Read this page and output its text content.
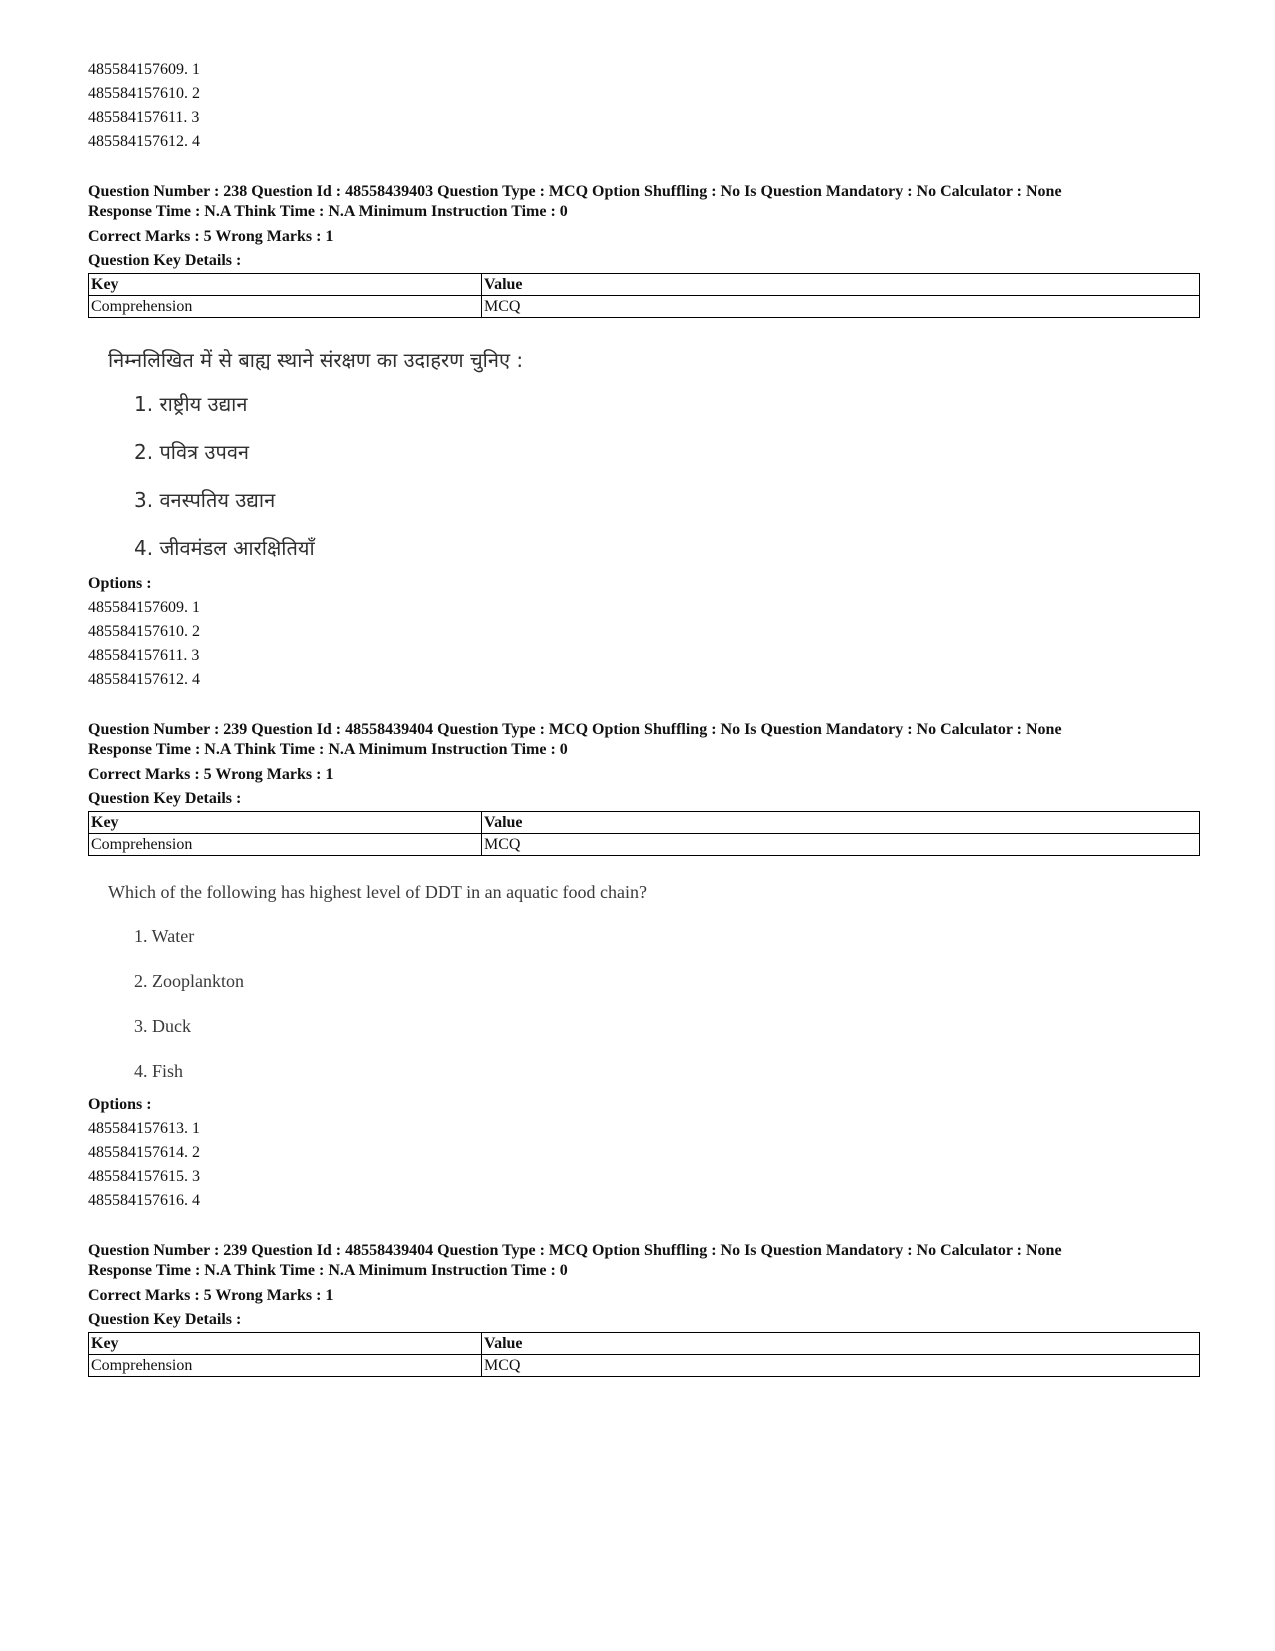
485584157609. 1
485584157610. 2
485584157611. 3
485584157612. 4
Question Number : 238 Question Id : 48558439403 Question Type : MCQ Option Shuffling : No Is Question Mandatory : No Calculator : None
Response Time : N.A Think Time : N.A Minimum Instruction Time : 0
Correct Marks : 5 Wrong Marks : 1
Question Key Details :
Key	Value
Comprehension	MCQ
निम्नलिखित में से बाह्य स्थाने संरक्षण का उदाहरण चुनिए :
1. राष्ट्रीय उद्यान
2. पवित्र उपवन
3. वनस्पतिय उद्यान
4. जीवमंडल आरक्षितियाँ
Options :
485584157609. 1
485584157610. 2
485584157611. 3
485584157612. 4
Question Number : 239 Question Id : 48558439404 Question Type : MCQ Option Shuffling : No Is Question Mandatory : No Calculator : None
Response Time : N.A Think Time : N.A Minimum Instruction Time : 0
Correct Marks : 5 Wrong Marks : 1
Question Key Details :
Key	Value
Comprehension	MCQ
Which of the following has highest level of DDT in an aquatic food chain?
1. Water
2. Zooplankton
3. Duck
4. Fish
Options :
485584157613. 1
485584157614. 2
485584157615. 3
485584157616. 4
Question Number : 239 Question Id : 48558439404 Question Type : MCQ Option Shuffling : No Is Question Mandatory : No Calculator : None
Response Time : N.A Think Time : N.A Minimum Instruction Time : 0
Correct Marks : 5 Wrong Marks : 1
Question Key Details :
Key	Value
Comprehension	MCQ
